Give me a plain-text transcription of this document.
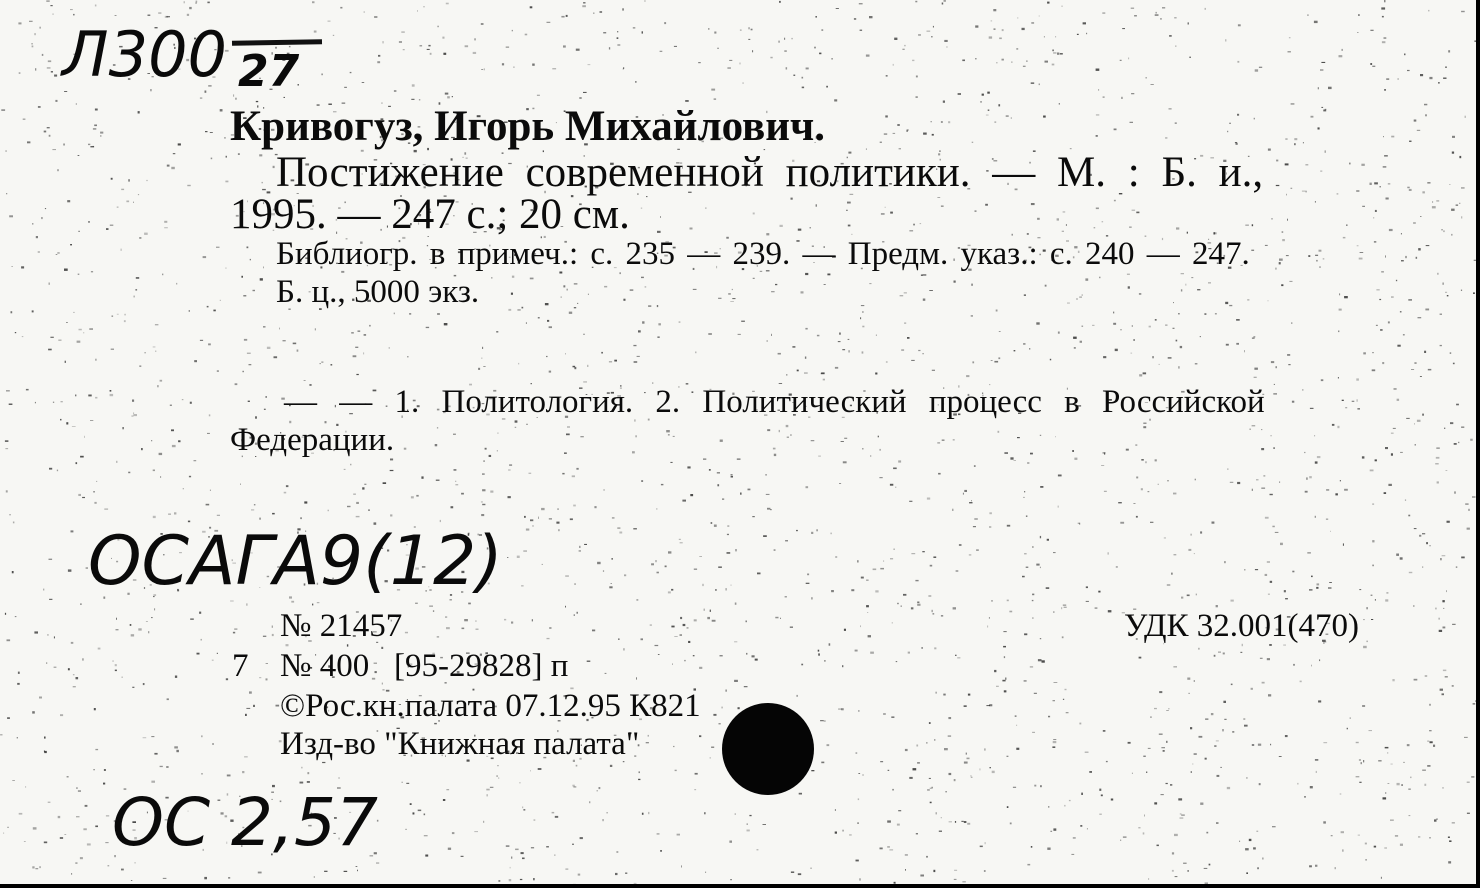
Л300 27
Кривогуз, Игорь Михайлович.
Постижение современной политики. — М. : Б. и.,
1995. — 247 с.; 20 см.
Библиогр. в примеч.: с. 235 — 239. — Предм. указ.: с. 240 — 247.
Б. ц., 5000 экз.
— — 1. Политология. 2. Политический процесс в Российской
Федерации.
ОСАГА9(12)
№ 21457	УДК 32.001(470)
7 № 400   [95-29828] п
©Рос.кн.палата 07.12.95 К821
Изд-во "Книжная палата"
ОС 2,57
